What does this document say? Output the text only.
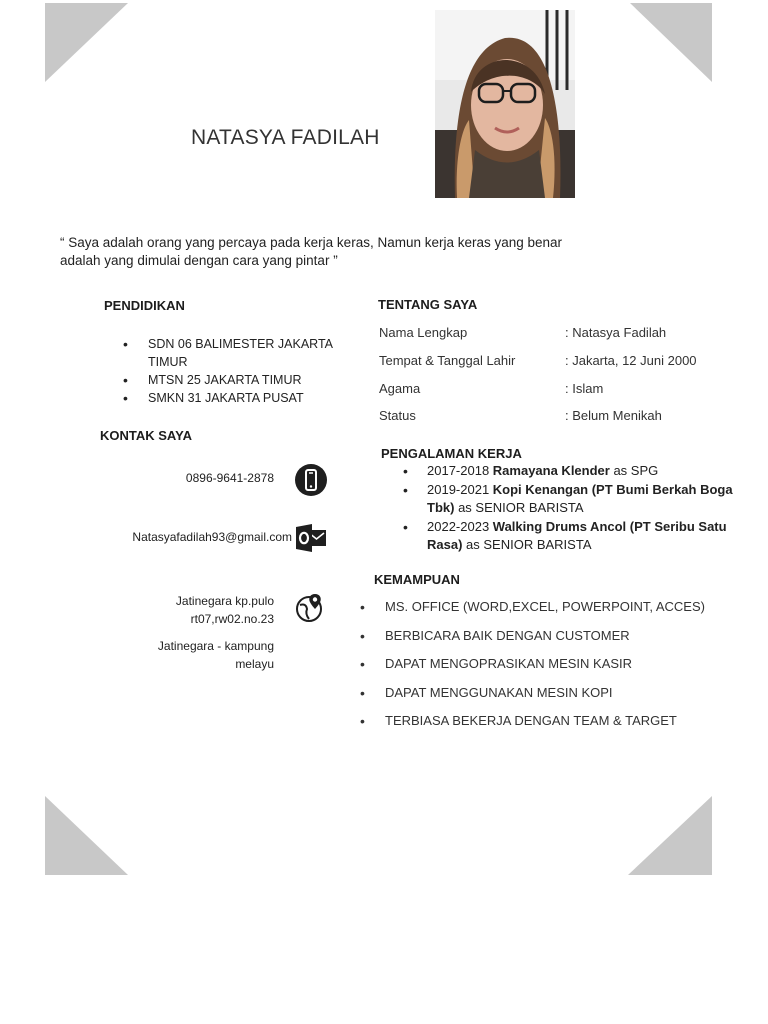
NATASYA FADILAH
“ Saya adalah orang yang percaya pada kerja keras, Namun kerja keras yang benar
adalah yang dimulai dengan cara yang pintar ”
PENDIDIKAN
• SDN 06 BALIMESTER JAKARTA TIMUR
• MTSN 25 JAKARTA TIMUR
• SMKN 31 JAKARTA PUSAT
KONTAK SAYA
0896-9641-2878
Natasyafadilah93@gmail.com
Jatinegara kp.pulo
rt07,rw02.no.23
Jatinegara - kampung
melayu
TENTANG SAYA
Nama Lengkap	: Natasya Fadilah
Tempat & Tanggal Lahir	: Jakarta, 12 Juni 2000
Agama	: Islam
Status	: Belum Menikah
PENGALAMAN KERJA
• 2017-2018 Ramayana Klender as SPG
• 2019-2021 Kopi Kenangan (PT Bumi Berkah Boga Tbk) as SENIOR BARISTA
• 2022-2023 Walking Drums Ancol (PT Seribu Satu Rasa) as SENIOR BARISTA
KEMAMPUAN
• MS. OFFICE (WORD,EXCEL, POWERPOINT, ACCES)
• BERBICARA BAIK DENGAN CUSTOMER
• DAPAT MENGOPRASIKAN MESIN KASIR
• DAPAT MENGGUNAKAN MESIN KOPI
• TERBIASA BEKERJA DENGAN TEAM & TARGET
